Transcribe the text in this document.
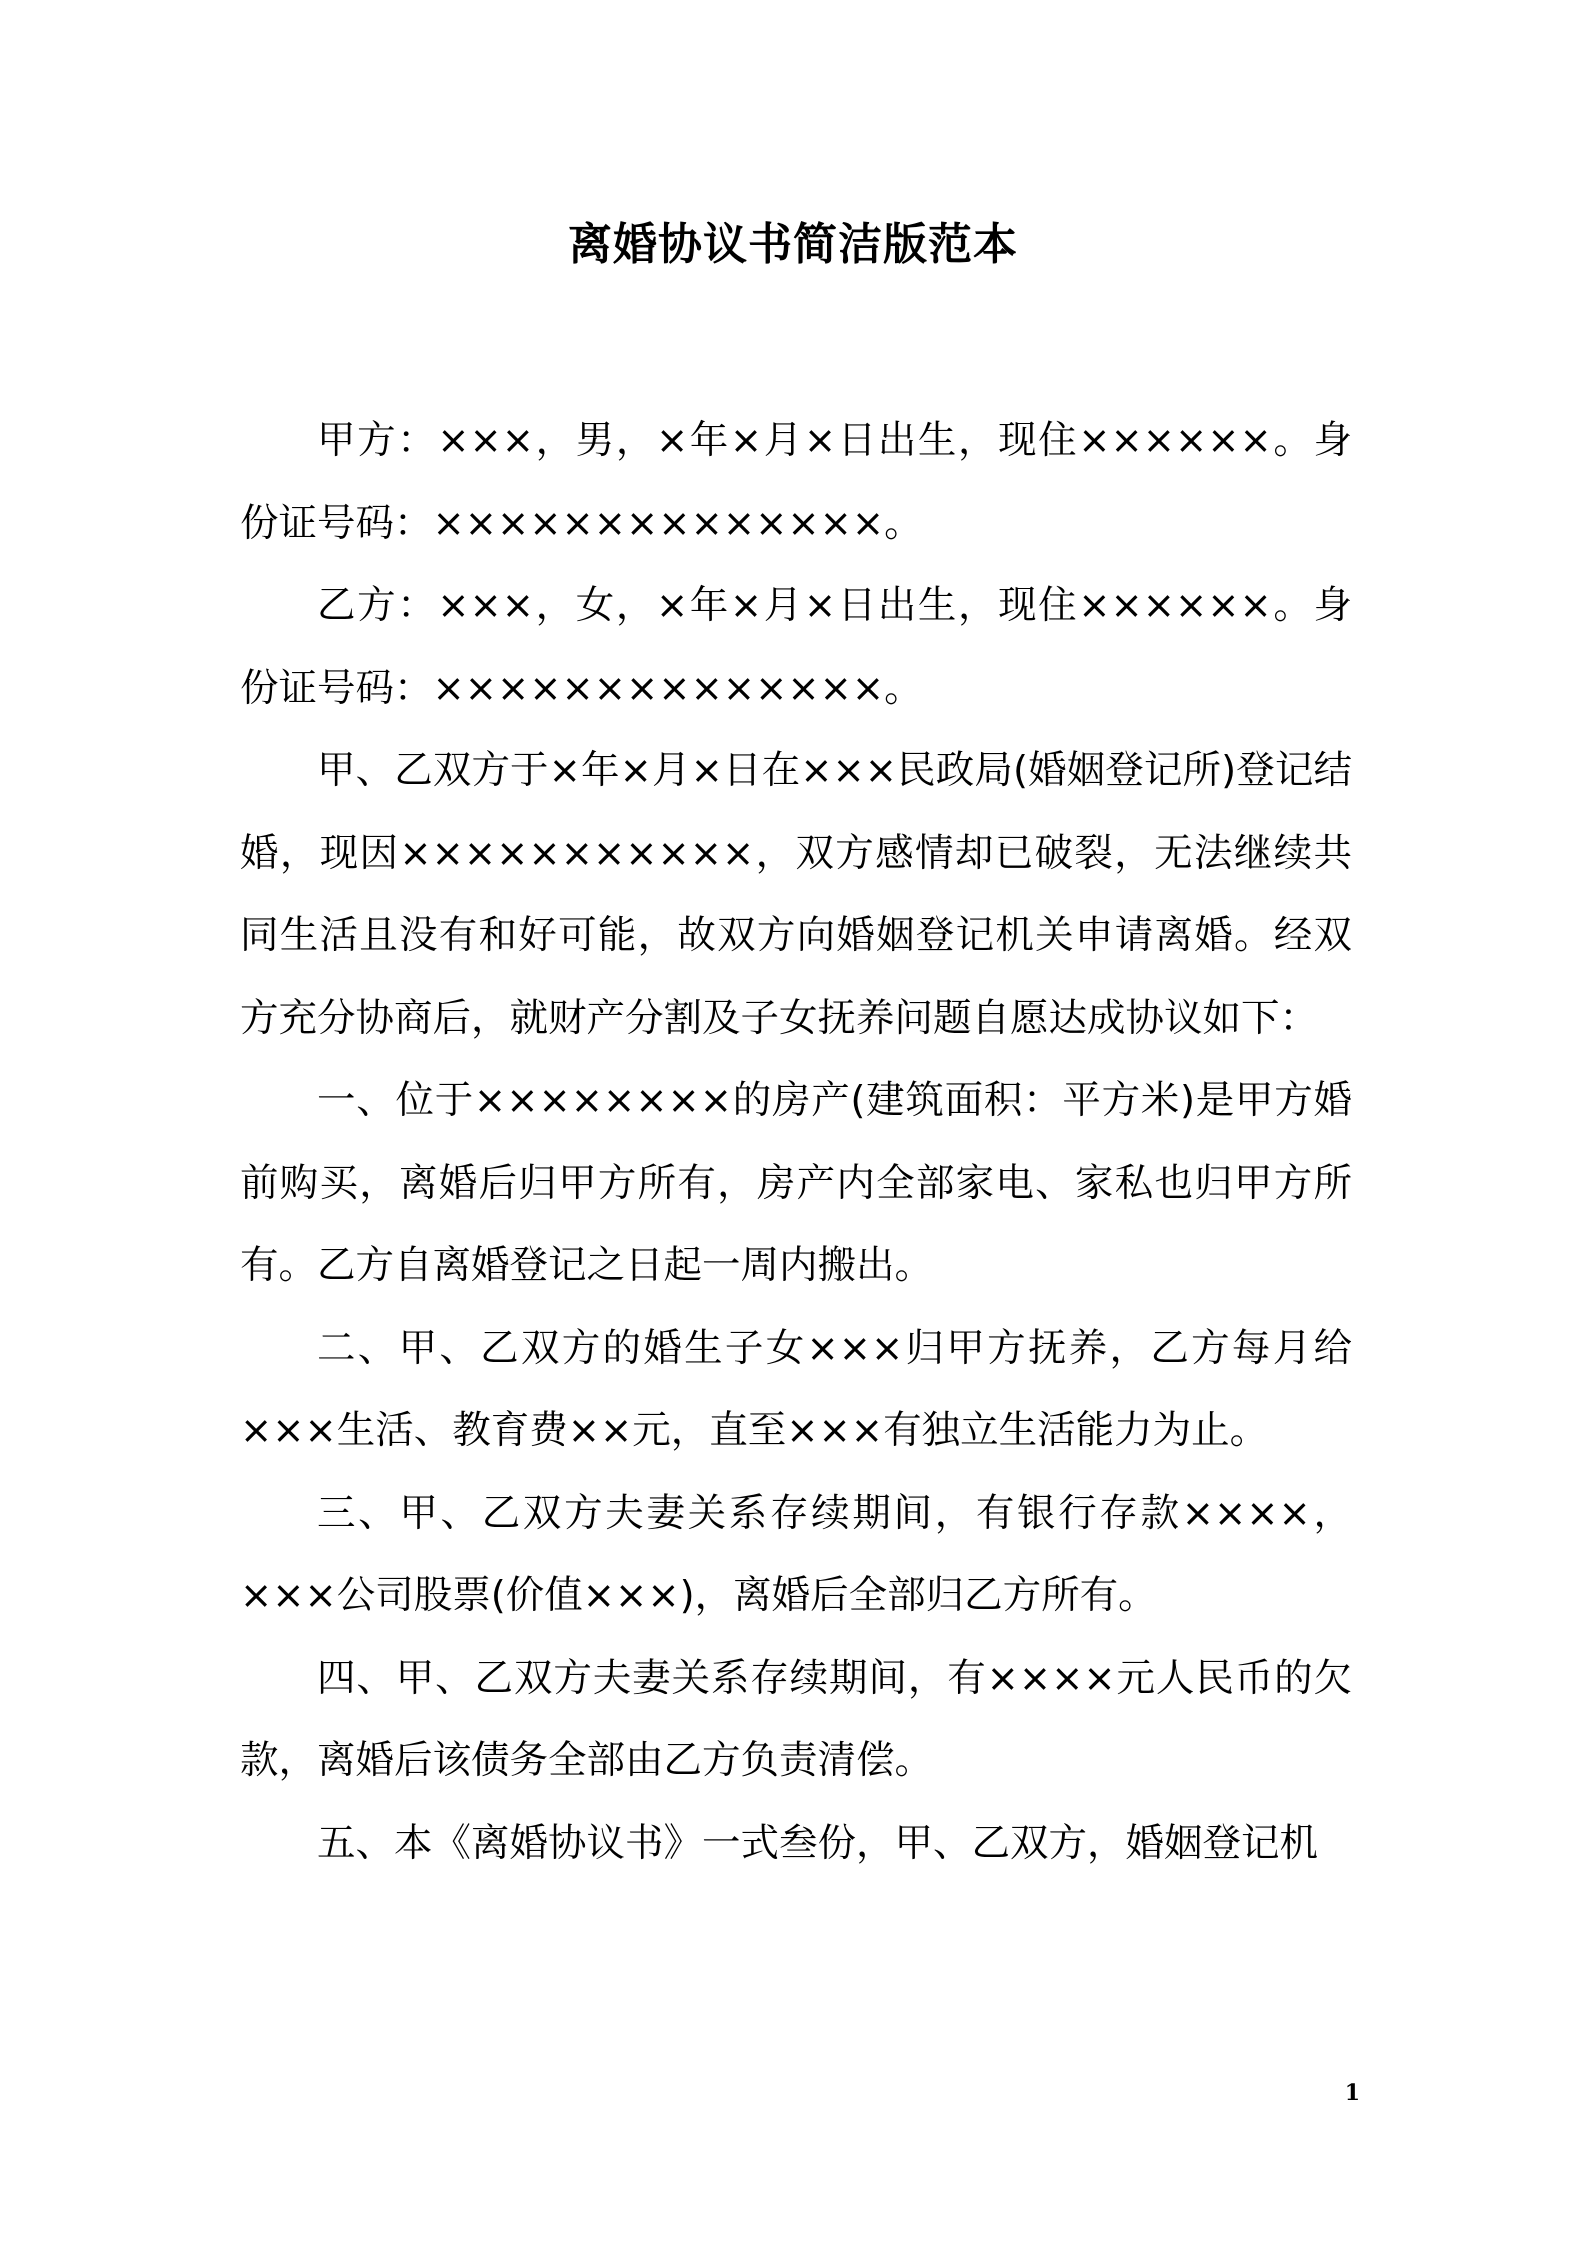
离婚协议书简洁版范本

甲方：×××，男，×年×月×日出生，现住××××××。身份证号码：××××××××××××××。

乙方：×××，女，×年×月×日出生，现住××××××。身份证号码：××××××××××××××。

甲、乙双方于×年×月×日在×××民政局(婚姻登记所)登记结婚，现因×××××××××××，双方感情却已破裂，无法继续共同生活且没有和好可能，故双方向婚姻登记机关申请离婚。经双方充分协商后，就财产分割及子女抚养问题自愿达成协议如下：

一、位于××××××××的房产(建筑面积：平方米)是甲方婚前购买，离婚后归甲方所有，房产内全部家电、家私也归甲方所有。乙方自离婚登记之日起一周内搬出。

二、甲、乙双方的婚生子女×××归甲方抚养，乙方每月给×××生活、教育费××元，直至×××有独立生活能力为止。

三、甲、乙双方夫妻关系存续期间，有银行存款××××，×××公司股票(价值×××)，离婚后全部归乙方所有。

四、甲、乙双方夫妻关系存续期间，有××××元人民币的欠款，离婚后该债务全部由乙方负责清偿。

五、本《离婚协议书》一式叁份，甲、乙双方，婚姻登记机

1
